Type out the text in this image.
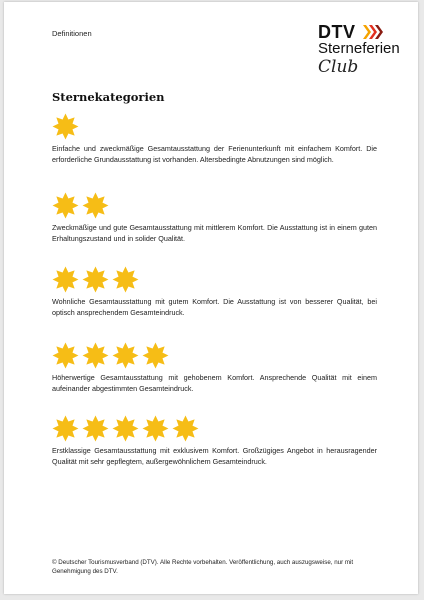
Definitionen	DTV
Sterneferien
Club
Sternekategorien
Einfache und zweckmäßige Gesamtausstattung der Ferienunterkunft mit einfachem Komfort. Die erforderliche Grundausstattung ist vorhanden. Altersbedingte Abnutzungen sind möglich.
Zweckmäßige und gute Gesamtausstattung mit mittlerem Komfort. Die Ausstattung ist in einem guten Erhaltungszustand und in solider Qualität.
Wohnliche Gesamtausstattung mit gutem Komfort. Die Ausstattung ist von besserer Qualität, bei optisch ansprechendem Gesamteindruck.
Höherwertige Gesamtausstattung mit gehobenem Komfort. Ansprechende Qualität mit einem aufeinander abgestimmten Gesamteindruck.
Erstklassige Gesamtausstattung mit exklusivem Komfort. Großzügiges Angebot in herausragender Qualität mit sehr gepflegtem, außergewöhnlichem Gesamteindruck.
© Deutscher Tourismusverband (DTV). Alle Rechte vorbehalten. Veröffentlichung, auch auszugsweise, nur mit Genehmigung des DTV.
